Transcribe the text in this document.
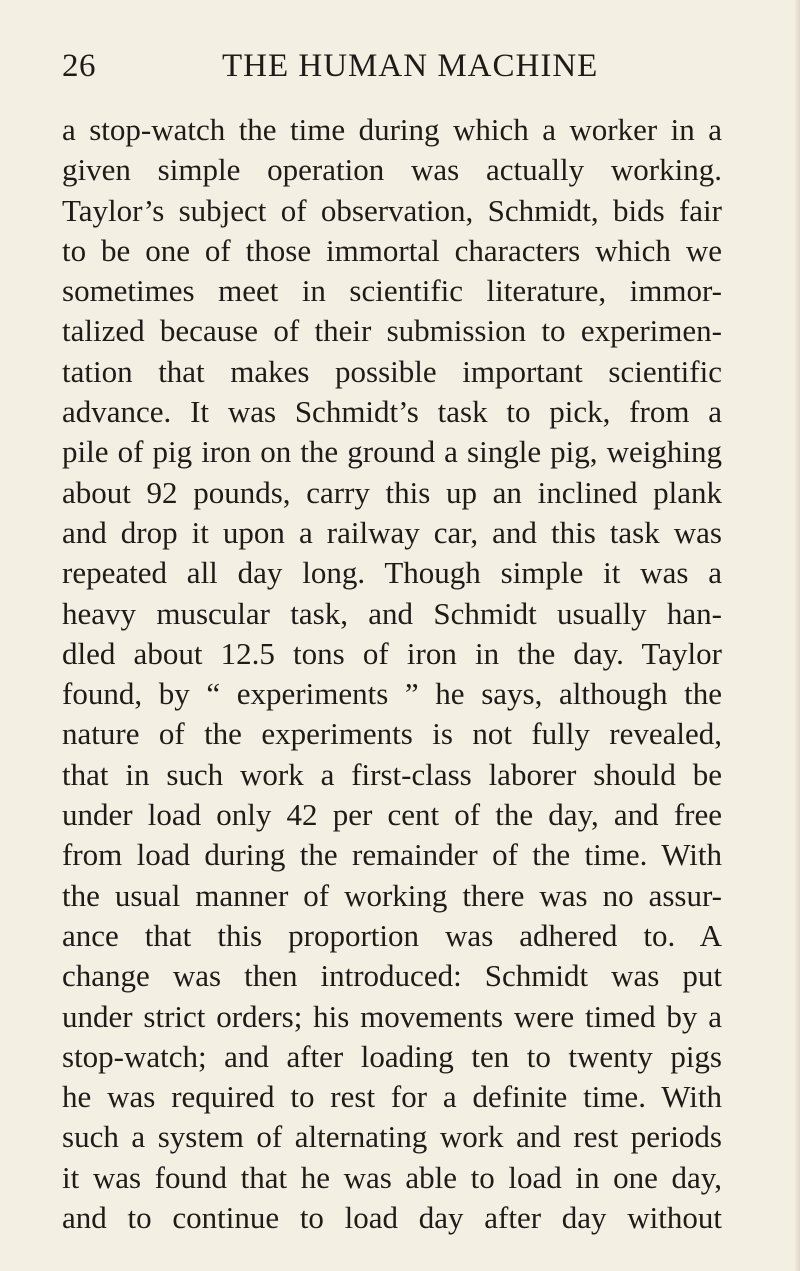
26	THE HUMAN MACHINE
a stop-watch the time during which a worker in a
given simple operation was actually working.
Taylor’s subject of observation, Schmidt, bids fair
to be one of those immortal characters which we
sometimes meet in scientific literature, immor-
talized because of their submission to experimen-
tation that makes possible important scientific
advance. It was Schmidt’s task to pick, from a
pile of pig iron on the ground a single pig, weighing
about 92 pounds, carry this up an inclined plank
and drop it upon a railway car, and this task was
repeated all day long. Though simple it was a
heavy muscular task, and Schmidt usually han-
dled about 12.5 tons of iron in the day. Taylor
found, by “ experiments ” he says, although the
nature of the experiments is not fully revealed,
that in such work a first-class laborer should be
under load only 42 per cent of the day, and free
from load during the remainder of the time. With
the usual manner of working there was no assur-
ance that this proportion was adhered to. A
change was then introduced: Schmidt was put
under strict orders; his movements were timed by a
stop-watch; and after loading ten to twenty pigs
he was required to rest for a definite time. With
such a system of alternating work and rest periods
it was found that he was able to load in one day,
and to continue to load day after day without
